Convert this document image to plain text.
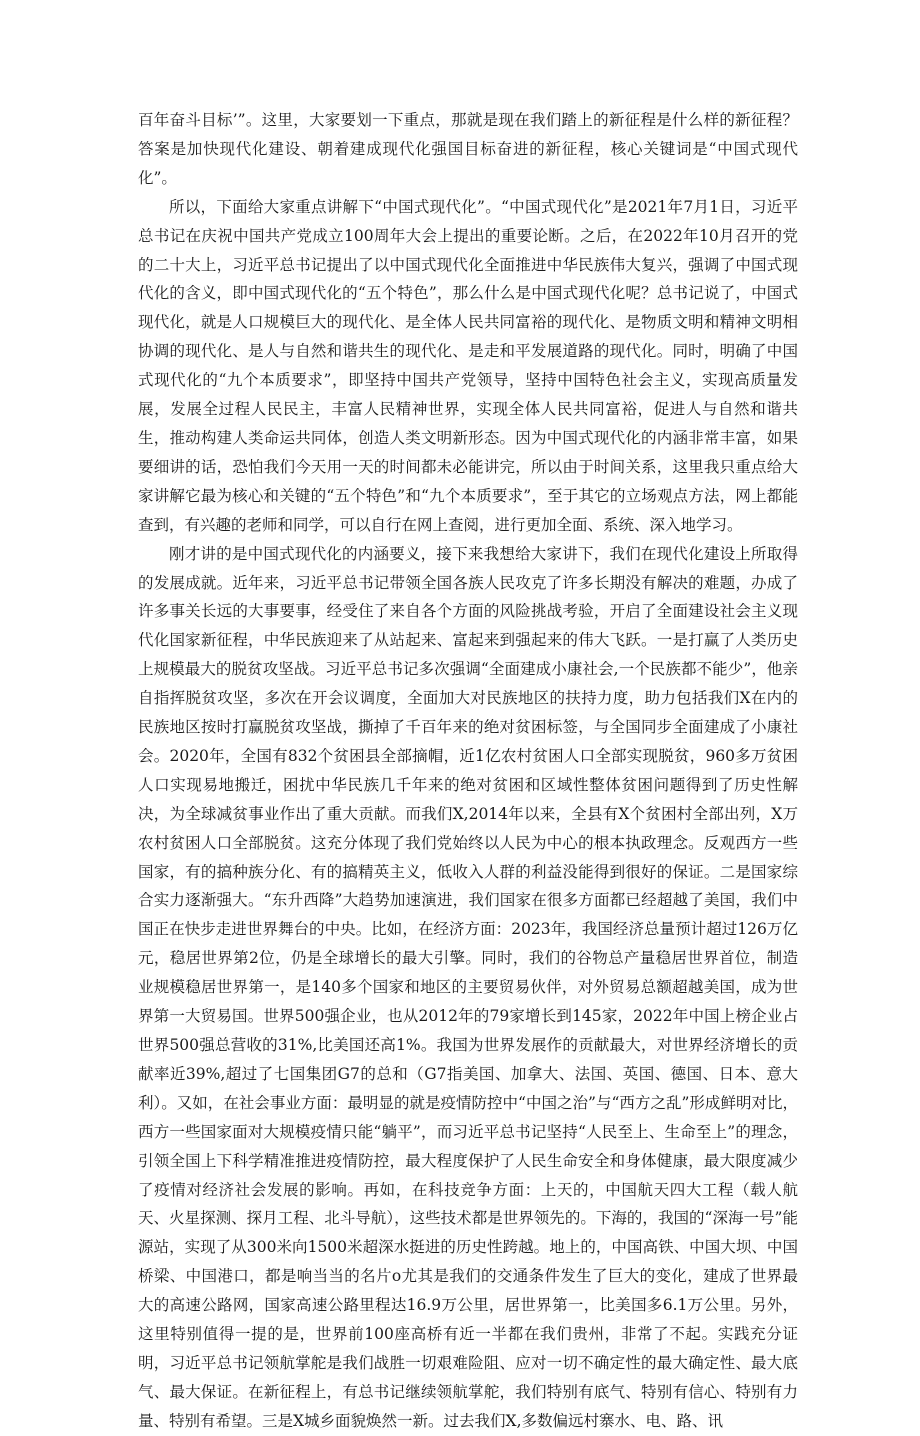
百年奋斗目标’”。这里，大家要划一下重点，那就是现在我们踏上的新征程是什么样的新征程？答案是加快现代化建设、朝着建成现代化强国目标奋进的新征程，核心关键词是“中国式现代化”。

所以，下面给大家重点讲解下“中国式现代化”。“中国式现代化”是2021年7月1日，习近平总书记在庆祝中国共产党成立100周年大会上提出的重要论断。之后，在2022年10月召开的党的二十大上，习近平总书记提出了以中国式现代化全面推进中华民族伟大复兴，强调了中国式现代化的含义，即中国式现代化的“五个特色”，那么什么是中国式现代化呢？总书记说了，中国式现代化，就是人口规模巨大的现代化、是全体人民共同富裕的现代化、是物质文明和精神文明相协调的现代化、是人与自然和谐共生的现代化、是走和平发展道路的现代化。同时，明确了中国式现代化的“九个本质要求”，即坚持中国共产党领导，坚持中国特色社会主义，实现高质量发展，发展全过程人民民主，丰富人民精神世界，实现全体人民共同富裕，促进人与自然和谐共生，推动构建人类命运共同体，创造人类文明新形态。因为中国式现代化的内涵非常丰富，如果要细讲的话，恐怕我们今天用一天的时间都未必能讲完，所以由于时间关系，这里我只重点给大家讲解它最为核心和关键的“五个特色”和“九个本质要求”，至于其它的立场观点方法，网上都能查到，有兴趣的老师和同学，可以自行在网上查阅，进行更加全面、系统、深入地学习。

刚才讲的是中国式现代化的内涵要义，接下来我想给大家讲下，我们在现代化建设上所取得的发展成就。近年来，习近平总书记带领全国各族人民攻克了许多长期没有解决的难题，办成了许多事关长远的大事要事，经受住了来自各个方面的风险挑战考验，开启了全面建设社会主义现代化国家新征程，中华民族迎来了从站起来、富起来到强起来的伟大飞跃。一是打赢了人类历史上规模最大的脱贫攻坚战。习近平总书记多次强调“全面建成小康社会,一个民族都不能少”，他亲自指挥脱贫攻坚，多次在开会议调度，全面加大对民族地区的扶持力度，助力包括我们X在内的民族地区按时打赢脱贫攻坚战，撕掉了千百年来的绝对贫困标签，与全国同步全面建成了小康社会。2020年，全国有832个贫困县全部摘帽，近1亿农村贫困人口全部实现脱贫，960多万贫困人口实现易地搬迁，困扰中华民族几千年来的绝对贫困和区域性整体贫困问题得到了历史性解决，为全球减贫事业作出了重大贡献。而我们X,2014年以来，全县有X个贫困村全部出列，X万农村贫困人口全部脱贫。这充分体现了我们党始终以人民为中心的根本执政理念。反观西方一些国家，有的搞种族分化、有的搞精英主义，低收入人群的利益没能得到很好的保证。二是国家综合实力逐渐强大。“东升西降”大趋势加速演进，我们国家在很多方面都已经超越了美国，我们中国正在快步走进世界舞台的中央。比如，在经济方面：2023年，我国经济总量预计超过126万亿元，稳居世界第2位，仍是全球增长的最大引擎。同时，我们的谷物总产量稳居世界首位，制造业规模稳居世界第一，是140多个国家和地区的主要贸易伙伴，对外贸易总额超越美国，成为世界第一大贸易国。世界500强企业，也从2012年的79家增长到145家，2022年中国上榜企业占世界500强总营收的31%,比美国还高1%。我国为世界发展作的贡献最大，对世界经济增长的贡献率近39%,超过了七国集团G7的总和（G7指美国、加拿大、法国、英国、德国、日本、意大利）。又如，在社会事业方面：最明显的就是疫情防控中“中国之治”与“西方之乱”形成鲜明对比，西方一些国家面对大规模疫情只能“躺平”，而习近平总书记坚持“人民至上、生命至上”的理念，引领全国上下科学精准推进疫情防控，最大程度保护了人民生命安全和身体健康，最大限度减少了疫情对经济社会发展的影响。再如，在科技竞争方面：上天的，中国航天四大工程（载人航天、火星探测、探月工程、北斗导航），这些技术都是世界领先的。下海的，我国的“深海一号”能源站，实现了从300米向1500米超深水挺进的历史性跨越。地上的，中国高铁、中国大坝、中国桥梁、中国港口，都是响当当的名片o尤其是我们的交通条件发生了巨大的变化，建成了世界最大的高速公路网，国家高速公路里程达16.9万公里，居世界第一，比美国多6.1万公里。另外，这里特别值得一提的是，世界前100座高桥有近一半都在我们贵州，非常了不起。实践充分证明，习近平总书记领航掌舵是我们战胜一切艰难险阻、应对一切不确定性的最大确定性、最大底气、最大保证。在新征程上，有总书记继续领航掌舵，我们特别有底气、特别有信心、特别有力量、特别有希望。三是X城乡面貌焕然一新。过去我们X,多数偏远村寨水、电、路、讯
